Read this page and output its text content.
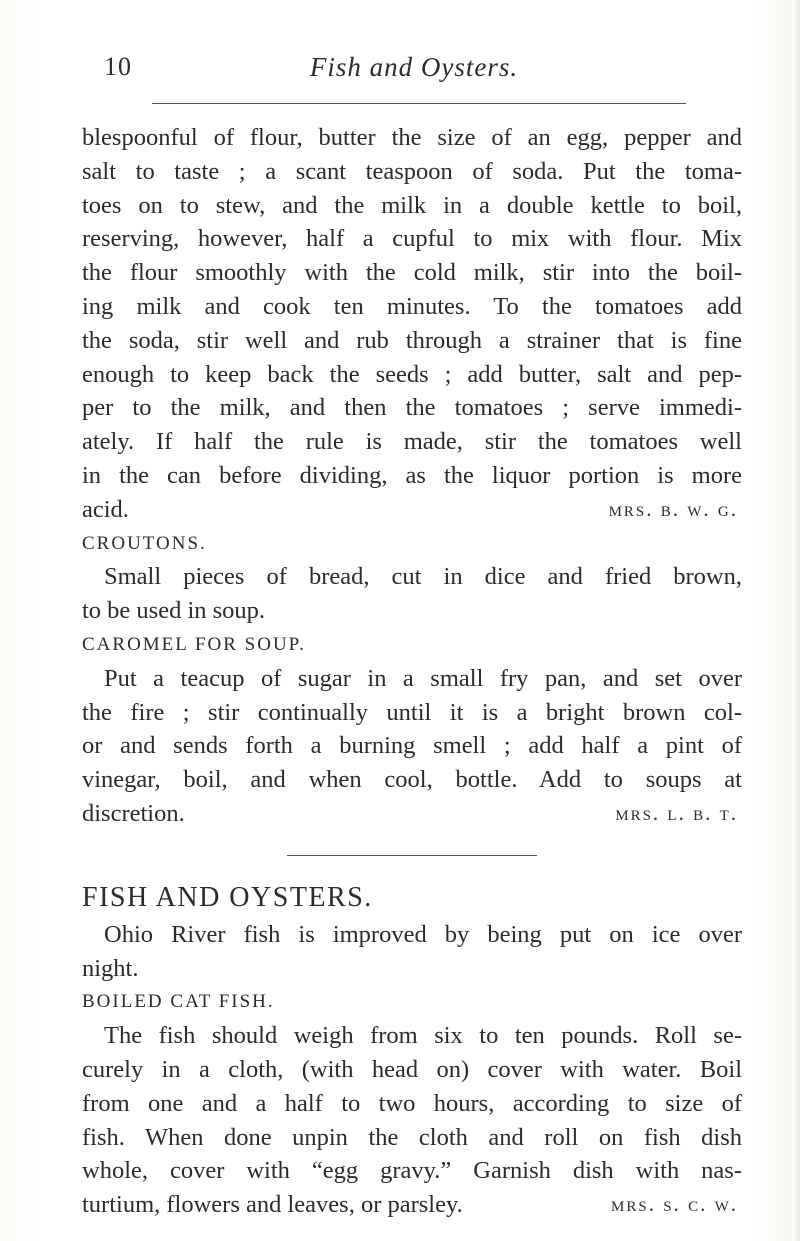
10	Fish and Oysters.

blespoonful of flour, butter the size of an egg, pepper and
salt to taste ; a scant teaspoon of soda. Put the toma-
toes on to stew, and the milk in a double kettle to boil,
reserving, however, half a cupful to mix with flour. Mix
the flour smoothly with the cold milk, stir into the boil-
ing milk and cook ten minutes. To the tomatoes add
the soda, stir well and rub through a strainer that is fine
enough to keep back the seeds ; add butter, salt and pep-
per to the milk, and then the tomatoes ; serve immedi-
ately. If half the rule is made, stir the tomatoes well
in the can before dividing, as the liquor portion is more
acid.	mrs. b. w. g.

CROUTONS.

Small pieces of bread, cut in dice and fried brown,
to be used in soup.

CAROMEL FOR SOUP.

Put a teacup of sugar in a small fry pan, and set over
the fire ; stir continually until it is a bright brown col-
or and sends forth a burning smell ; add half a pint of
vinegar, boil, and when cool, bottle. Add to soups at
discretion.	mrs. l. b. t.

FISH AND OYSTERS.

Ohio River fish is improved by being put on ice over
night.

BOILED CAT FISH.

The fish should weigh from six to ten pounds. Roll se-
curely in a cloth, (with head on) cover with water. Boil
from one and a half to two hours, according to size of
fish. When done unpin the cloth and roll on fish dish
whole, cover with “egg gravy.” Garnish dish with nas-
turtium, flowers and leaves, or parsley.	mrs. s. c. w.
